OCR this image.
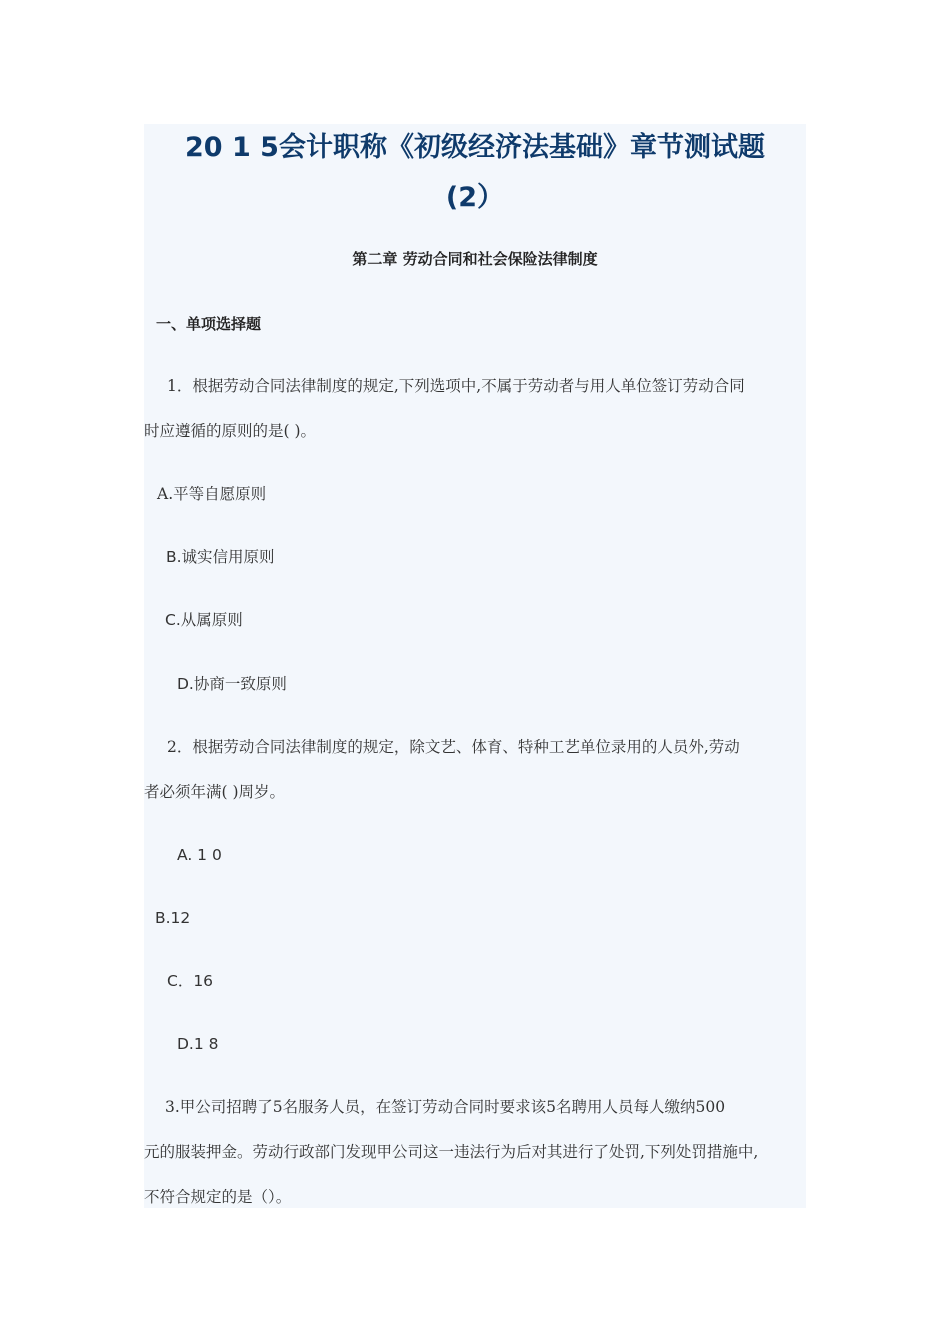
20 1 5会计职称《初级经济法基础》章节测试题
(2）
第二章 劳动合同和社会保险法律制度
一、单项选择题
1．根据劳动合同法律制度的规定,下列选项中,不属于劳动者与用人单位签订劳动合同
时应遵循的原则的是( )。
A.平等自愿原则
B.诚实信用原则
C.从属原则
D.协商一致原则
2．根据劳动合同法律制度的规定，除文艺、体育、特种工艺单位录用的人员外,劳动
者必须年满( )周岁。
A. 1 0
B.12
C．16
D.1 8
3.甲公司招聘了5名服务人员，在签订劳动合同时要求该5名聘用人员每人缴纳500
元的服装押金。劳动行政部门发现甲公司这一违法行为后对其进行了处罚,下列处罚措施中,
不符合规定的是（）。
